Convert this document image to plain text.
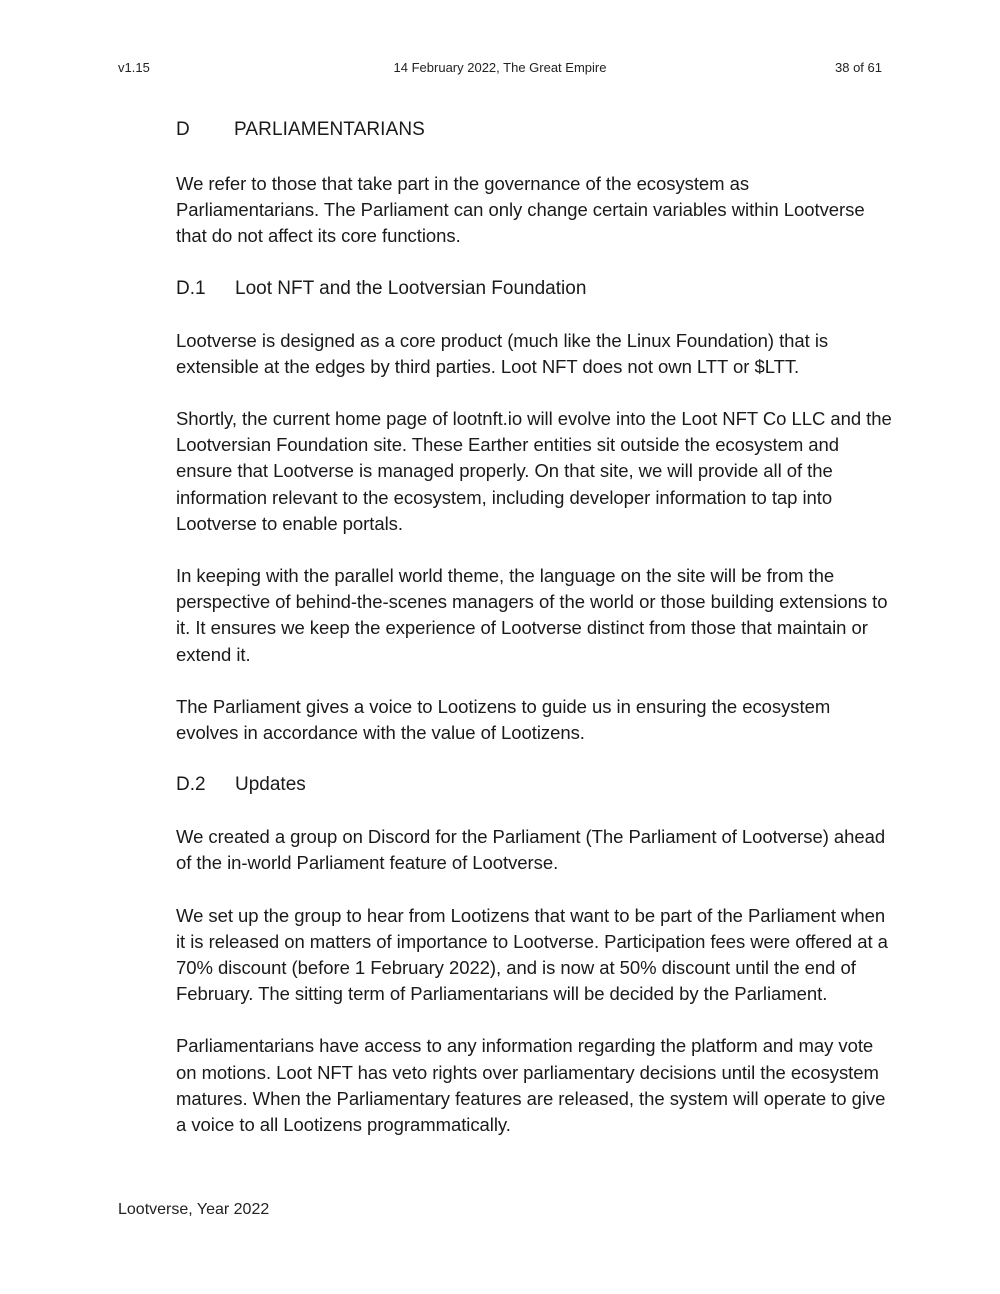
v1.15	14 February 2022, The Great Empire	38 of 61
D PARLIAMENTARIANS

We refer to those that take part in the governance of the ecosystem as Parliamentarians. The Parliament can only change certain variables within Lootverse that do not affect its core functions.

D.1 Loot NFT and the Lootversian Foundation

Lootverse is designed as a core product (much like the Linux Foundation) that is extensible at the edges by third parties. Loot NFT does not own LTT or $LTT.

Shortly, the current home page of lootnft.io will evolve into the Loot NFT Co LLC and the Lootversian Foundation site. These Earther entities sit outside the ecosystem and ensure that Lootverse is managed properly. On that site, we will provide all of the information relevant to the ecosystem, including developer information to tap into Lootverse to enable portals.

In keeping with the parallel world theme, the language on the site will be from the perspective of behind-the-scenes managers of the world or those building extensions to it. It ensures we keep the experience of Lootverse distinct from those that maintain or extend it.

The Parliament gives a voice to Lootizens to guide us in ensuring the ecosystem evolves in accordance with the value of Lootizens.

D.2 Updates

We created a group on Discord for the Parliament (The Parliament of Lootverse) ahead of the in-world Parliament feature of Lootverse.

We set up the group to hear from Lootizens that want to be part of the Parliament when it is released on matters of importance to Lootverse. Participation fees were offered at a 70% discount (before 1 February 2022), and is now at 50% discount until the end of February. The sitting term of Parliamentarians will be decided by the Parliament.

Parliamentarians have access to any information regarding the platform and may vote on motions. Loot NFT has veto rights over parliamentary decisions until the ecosystem matures. When the Parliamentary features are released, the system will operate to give a voice to all Lootizens programmatically.

Lootverse, Year 2022
